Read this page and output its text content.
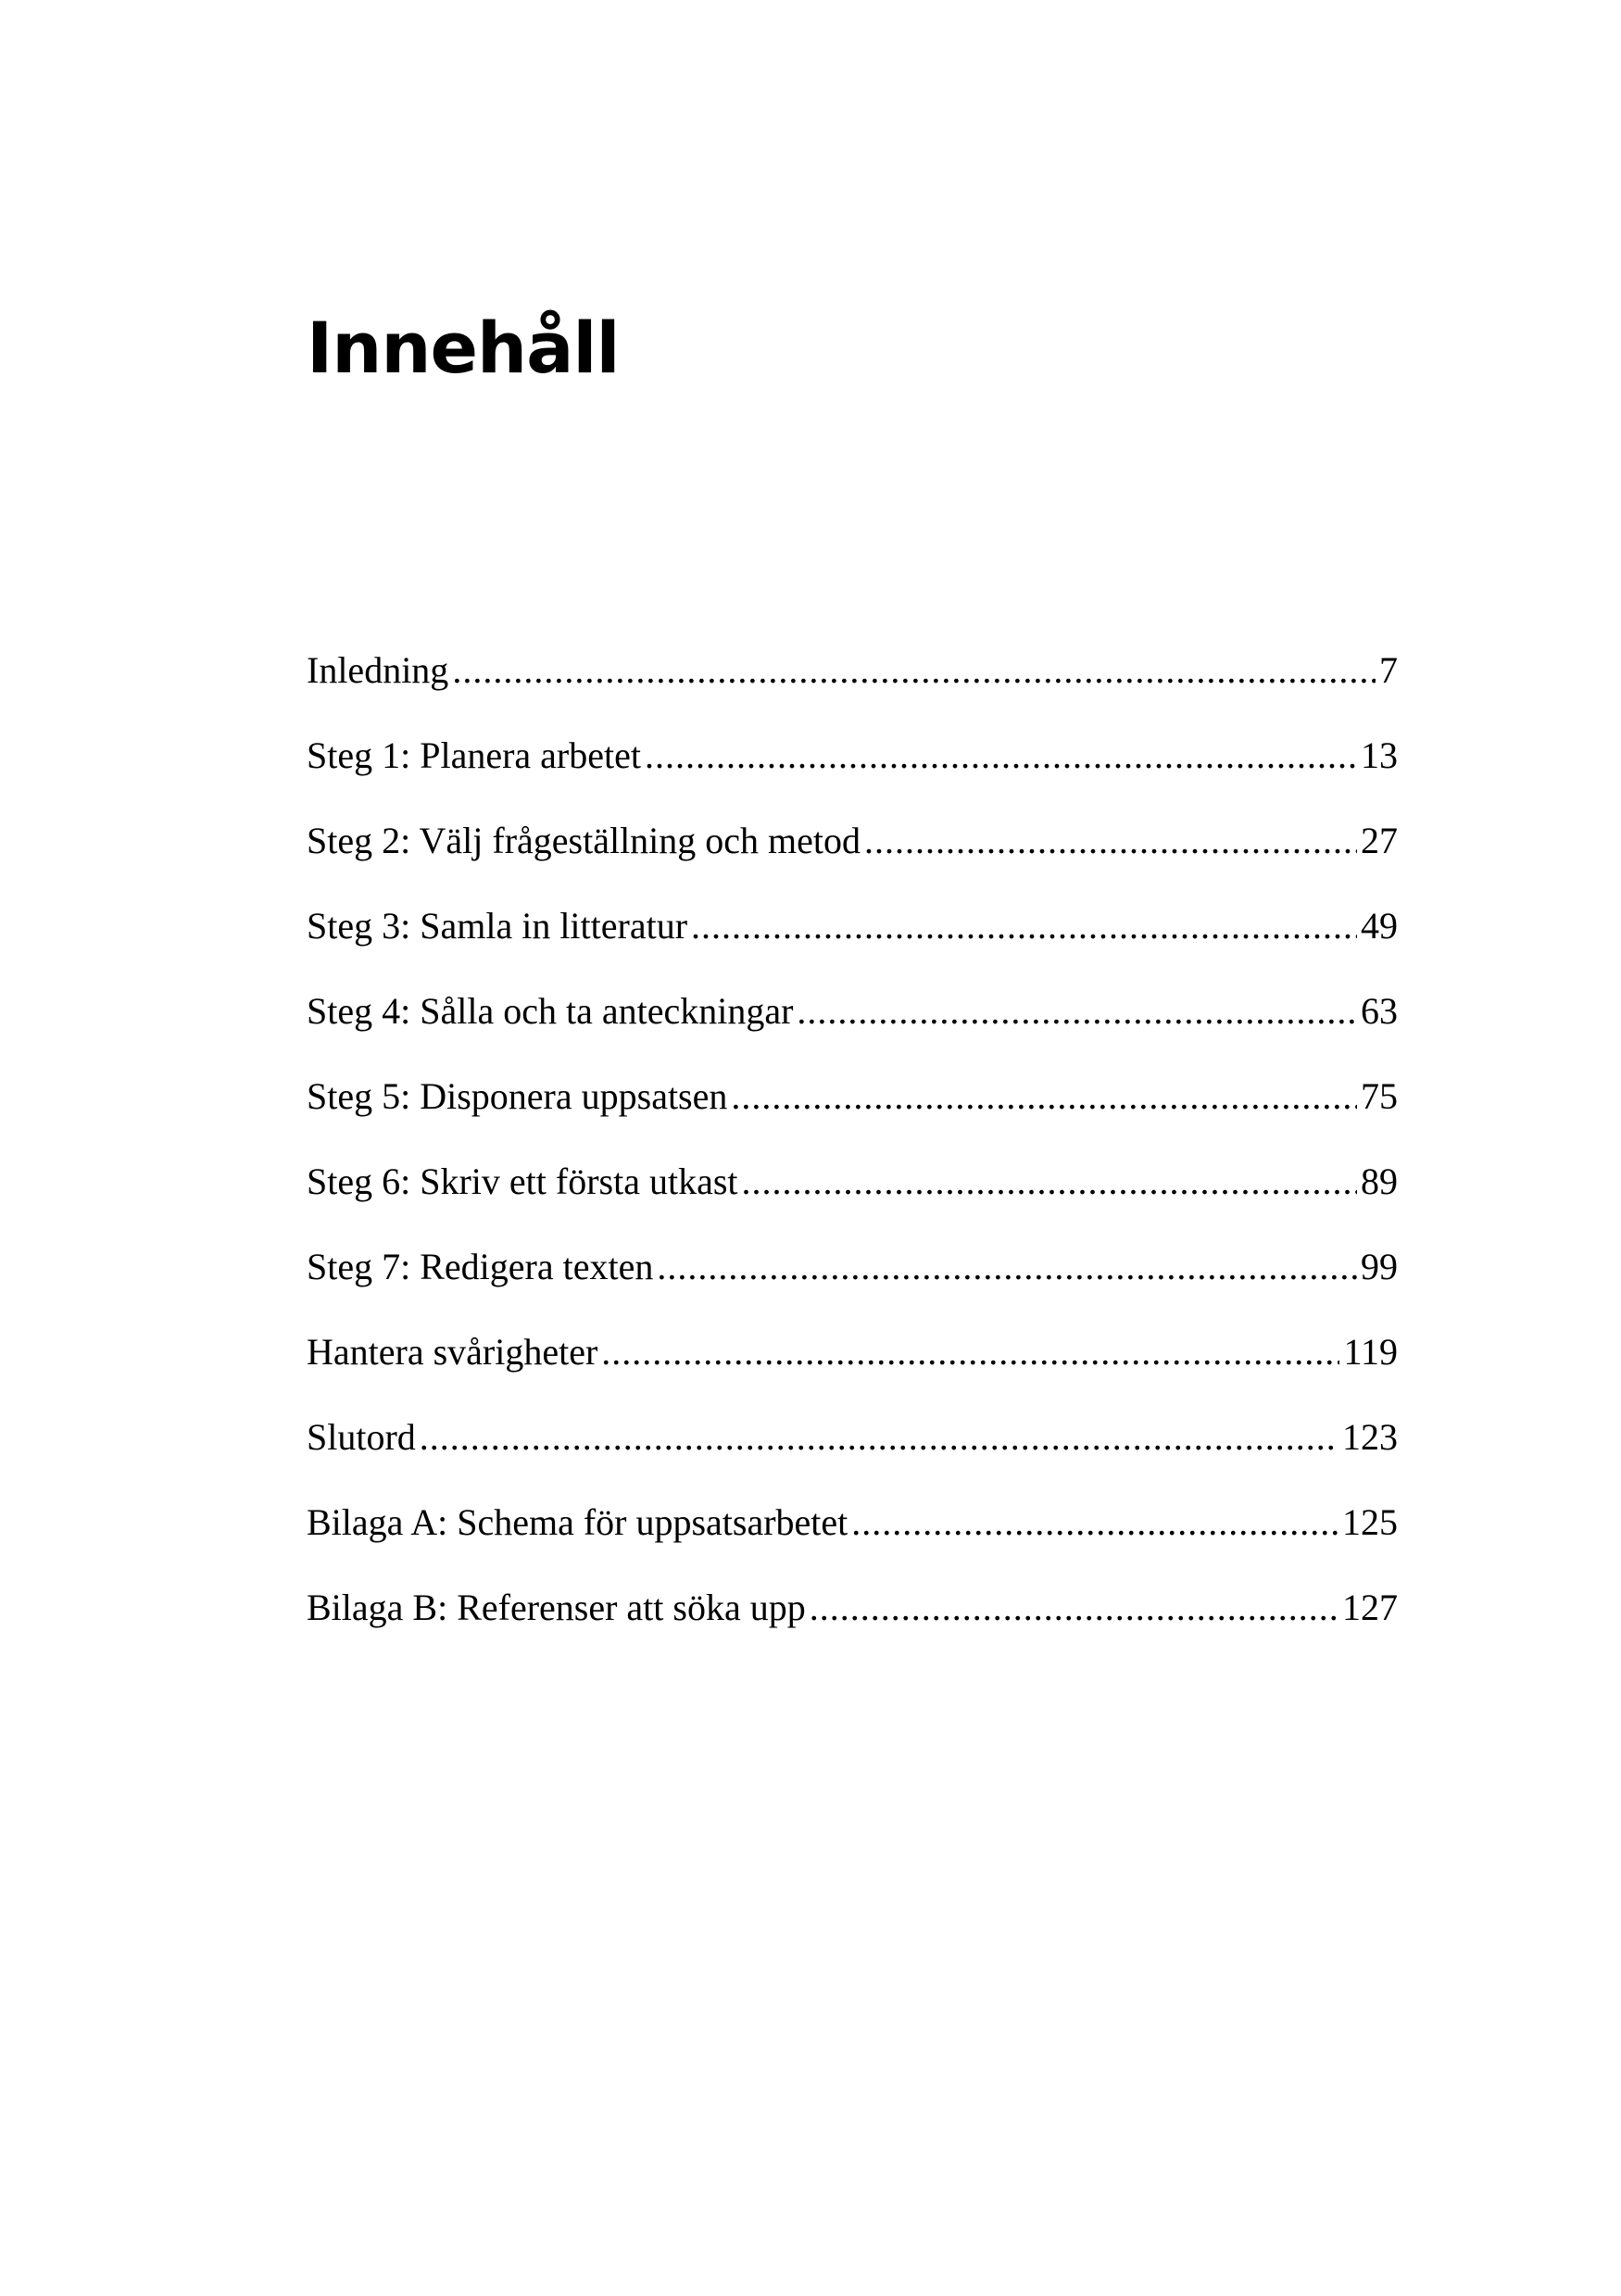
Innehåll
Inledning .....	7
Steg 1: Planera arbetet .....	13
Steg 2: Välj frågeställning och metod .....	27
Steg 3: Samla in litteratur .....	49
Steg 4: Sålla och ta anteckningar .....	63
Steg 5: Disponera uppsatsen .....	75
Steg 6: Skriv ett första utkast .....	89
Steg 7: Redigera texten .....	99
Hantera svårigheter .....	119
Slutord .....	123
Bilaga A: Schema för uppsatsarbetet .....	125
Bilaga B: Referenser att söka upp .....	127
